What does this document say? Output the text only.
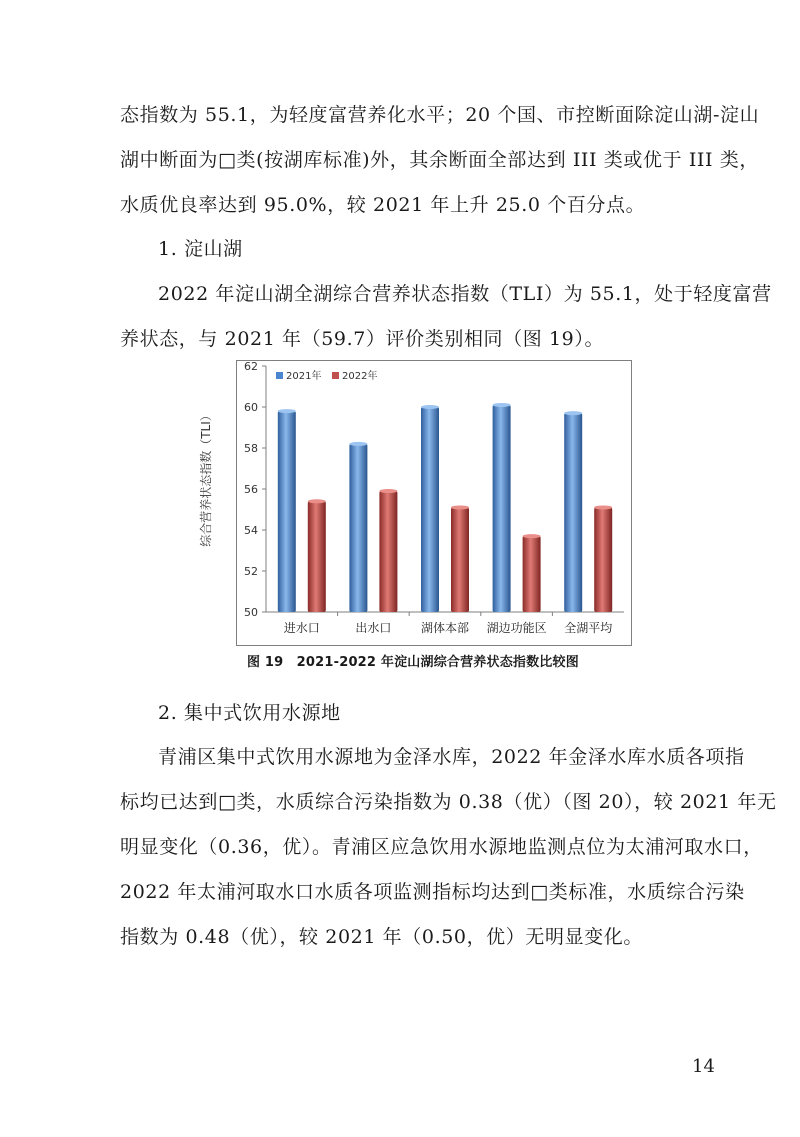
态指数为 55.1，为轻度富营养化水平；20 个国、市控断面除淀山湖-淀山
湖中断面为□类(按湖库标准)外，其余断面全部达到 III 类或优于 III 类，
水质优良率达到 95.0%，较 2021 年上升 25.0 个百分点。
1. 淀山湖
2022 年淀山湖全湖综合营养状态指数（TLI）为 55.1，处于轻度富营
养状态，与 2021 年（59.7）评价类别相同（图 19）。
50
52
54
56
58
60
62
进水口	出水口 湖体本部 湖边功能区 全湖平均
2021年 2022年
综合营养状态指数（TLI）
图 19　2021-2022 年淀山湖综合营养状态指数比较图
2. 集中式饮用水源地
青浦区集中式饮用水源地为金泽水库，2022 年金泽水库水质各项指
标均已达到□类，水质综合污染指数为 0.38（优）（图 20），较 2021 年无
明显变化（0.36，优）。青浦区应急饮用水源地监测点位为太浦河取水口，
2022 年太浦河取水口水质各项监测指标均达到□类标准，水质综合污染
指数为 0.48（优），较 2021 年（0.50，优）无明显变化。
14
